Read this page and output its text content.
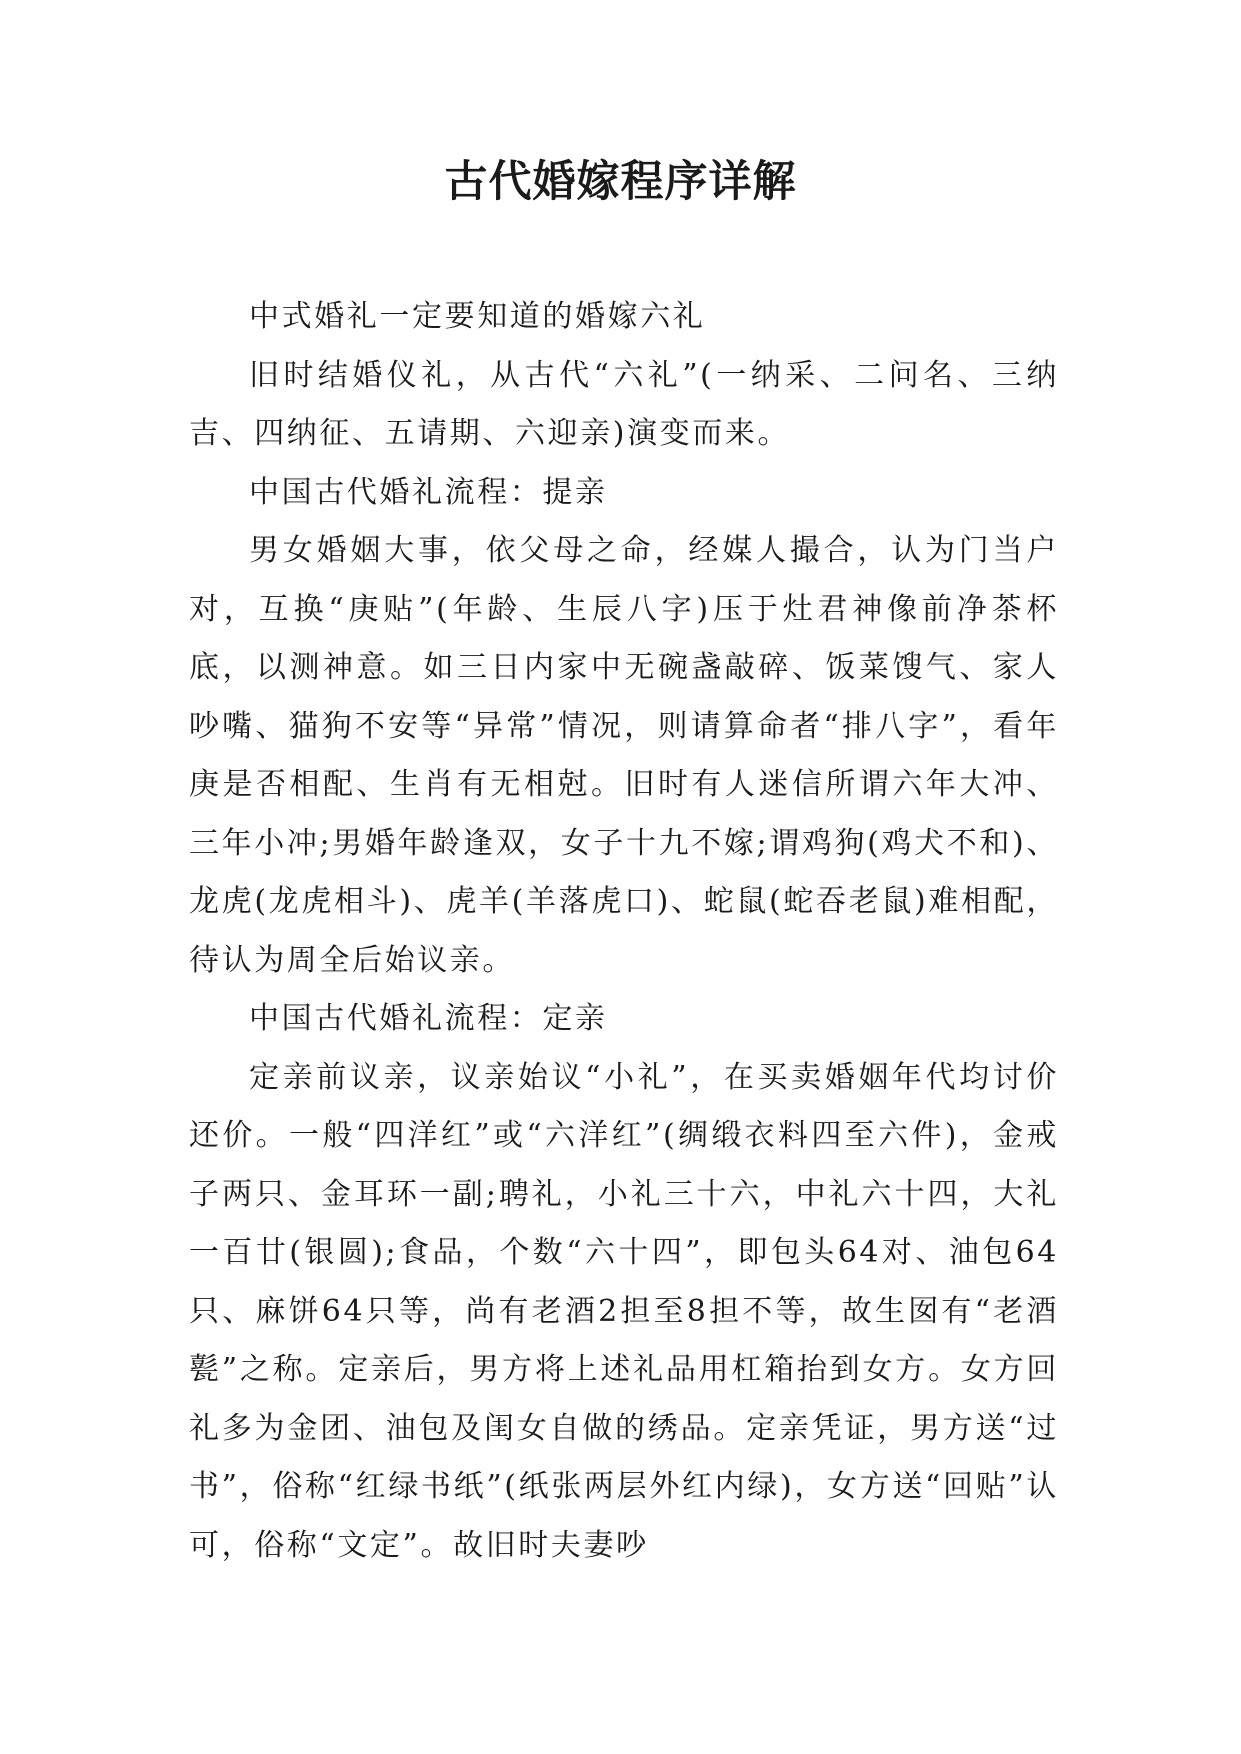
古代婚嫁程序详解

中式婚礼一定要知道的婚嫁六礼

旧时结婚仪礼，从古代“六礼”(一纳采、二问名、三纳吉、四纳征、五请期、六迎亲)演变而来。

中国古代婚礼流程：提亲

男女婚姻大事，依父母之命，经媒人撮合，认为门当户对，互换“庚贴”(年龄、生辰八字)压于灶君神像前净茶杯底，以测神意。如三日内家中无碗盏敲碎、饭菜馊气、家人吵嘴、猫狗不安等“异常”情况，则请算命者“排八字”，看年庚是否相配、生肖有无相尅。旧时有人迷信所谓六年大冲、三年小冲;男婚年龄逢双，女子十九不嫁;谓鸡狗(鸡犬不和)、龙虎(龙虎相斗)、虎羊(羊落虎口)、蛇鼠(蛇吞老鼠)难相配，待认为周全后始议亲。

中国古代婚礼流程：定亲

定亲前议亲，议亲始议“小礼”，在买卖婚姻年代均讨价还价。一般“四洋红”或“六洋红”(绸缎衣料四至六件)，金戒子两只、金耳环一副;聘礼，小礼三十六，中礼六十四，大礼一百廿(银圆);食品，个数“六十四”，即包头64对、油包64只、麻饼64只等，尚有老酒2担至8担不等，故生囡有“老酒甏”之称。定亲后，男方将上述礼品用杠箱抬到女方。女方回礼多为金团、油包及闺女自做的绣品。定亲凭证，男方送“过书”，俗称“红绿书纸”(纸张两层外红内绿)，女方送“回贴”认可，俗称“文定”。故旧时夫妻吵
